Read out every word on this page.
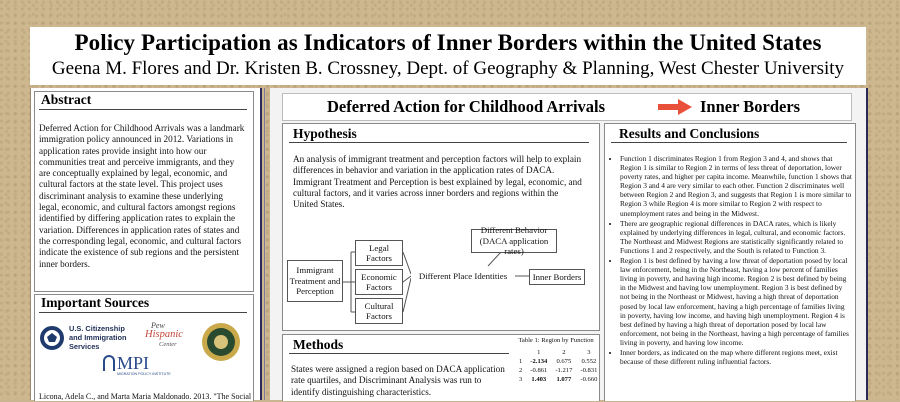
Policy Participation as Indicators of Inner Borders within the United States
Geena M. Flores and Dr. Kristen B. Crossney, Dept. of Geography & Planning, West Chester University
Abstract
Deferred Action for Childhood Arrivals was a landmark immigration policy announced in 2012. Variations in application rates provide insight into how our communities treat and perceive immigrants, and they are conceptually explained by legal, economic, and cultural factors at the state level. This project uses discriminant analysis to examine these underlying legal, economic, and cultural factors amongst regions identified by differing application rates to explain the variation. Differences in application rates of states and the corresponding legal, economic, and cultural factors indicate the existence of sub regions and the persistent inner borders.
Important Sources
U.S. Citizenship
and Immigration
Services
Pew
Hispanic
Center
MPI
MIGRATION POLICY INSTITUTE
Licona, Adela C., and Marta Maria Maldonado. 2013. "The Social
Deferred Action for Childhood Arrivals	Inner Borders
Hypothesis
An analysis of immigrant treatment and perception factors will help to explain differences in behavior and variation in the application rates of DACA. Immigrant Treatment and Perception is best explained by legal, economic, and cultural factors, and it varies across inner borders and regions within the United States.
Immigrant Treatment and Perception
Legal Factors
Economic Factors
Cultural Factors
Different Place Identities
Different Behavior (DACA application rates)
Inner Borders
Methods
States were assigned a region based on DACA application rate quartiles, and Discriminant Analysis was run to identify distinguishing characteristics.
Table 1: Region by Function
	1	2	3
1	-2.134	0.675	0.552
2	-0.861	-1.217	-0.831
3	1.403	1.077	-0.660
Results and Conclusions
• Function 1 discriminates Region 1 from Region 3 and 4, and shows that Region 1 is similar to Region 2 in terms of less threat of deportation, lower poverty rates, and higher per capita income. Meanwhile, function 1 shows that Region 3 and 4 are very similar to each other. Function 2 discriminates well between Region 2 and Region 3, and suggests that Region 1 is more similar to Region 3 while Region 4 is more similar to Region 2 with respect to unemployment rates and being in the Midwest.
• There are geographic regional differences in DACA rates, which is likely explained by underlying differences in legal, cultural, and economic factors. The Northeast and Midwest Regions are statistically significantly related to Functions 1 and 2 respectively, and the South is related to Function 3.
• Region 1 is best defined by having a low threat of deportation posed by local law enforcement, being in the Northeast, having a low percent of families living in poverty, and having high income. Region 2 is best defined by being in the Midwest and having low unemployment. Region 3 is best defined by not being in the Northeast or Midwest, having a high threat of deportation posed by local law enforcement, having a high percentage of families living in poverty, having low income, and having high unemployment. Region 4 is best defined by having a high threat of deportation posed by local law enforcement, not being in the Northeast, having a high percentage of families living in poverty, and having low income.
• Inner borders, as indicated on the map where different regions meet, exist because of these different ruling influential factors.
